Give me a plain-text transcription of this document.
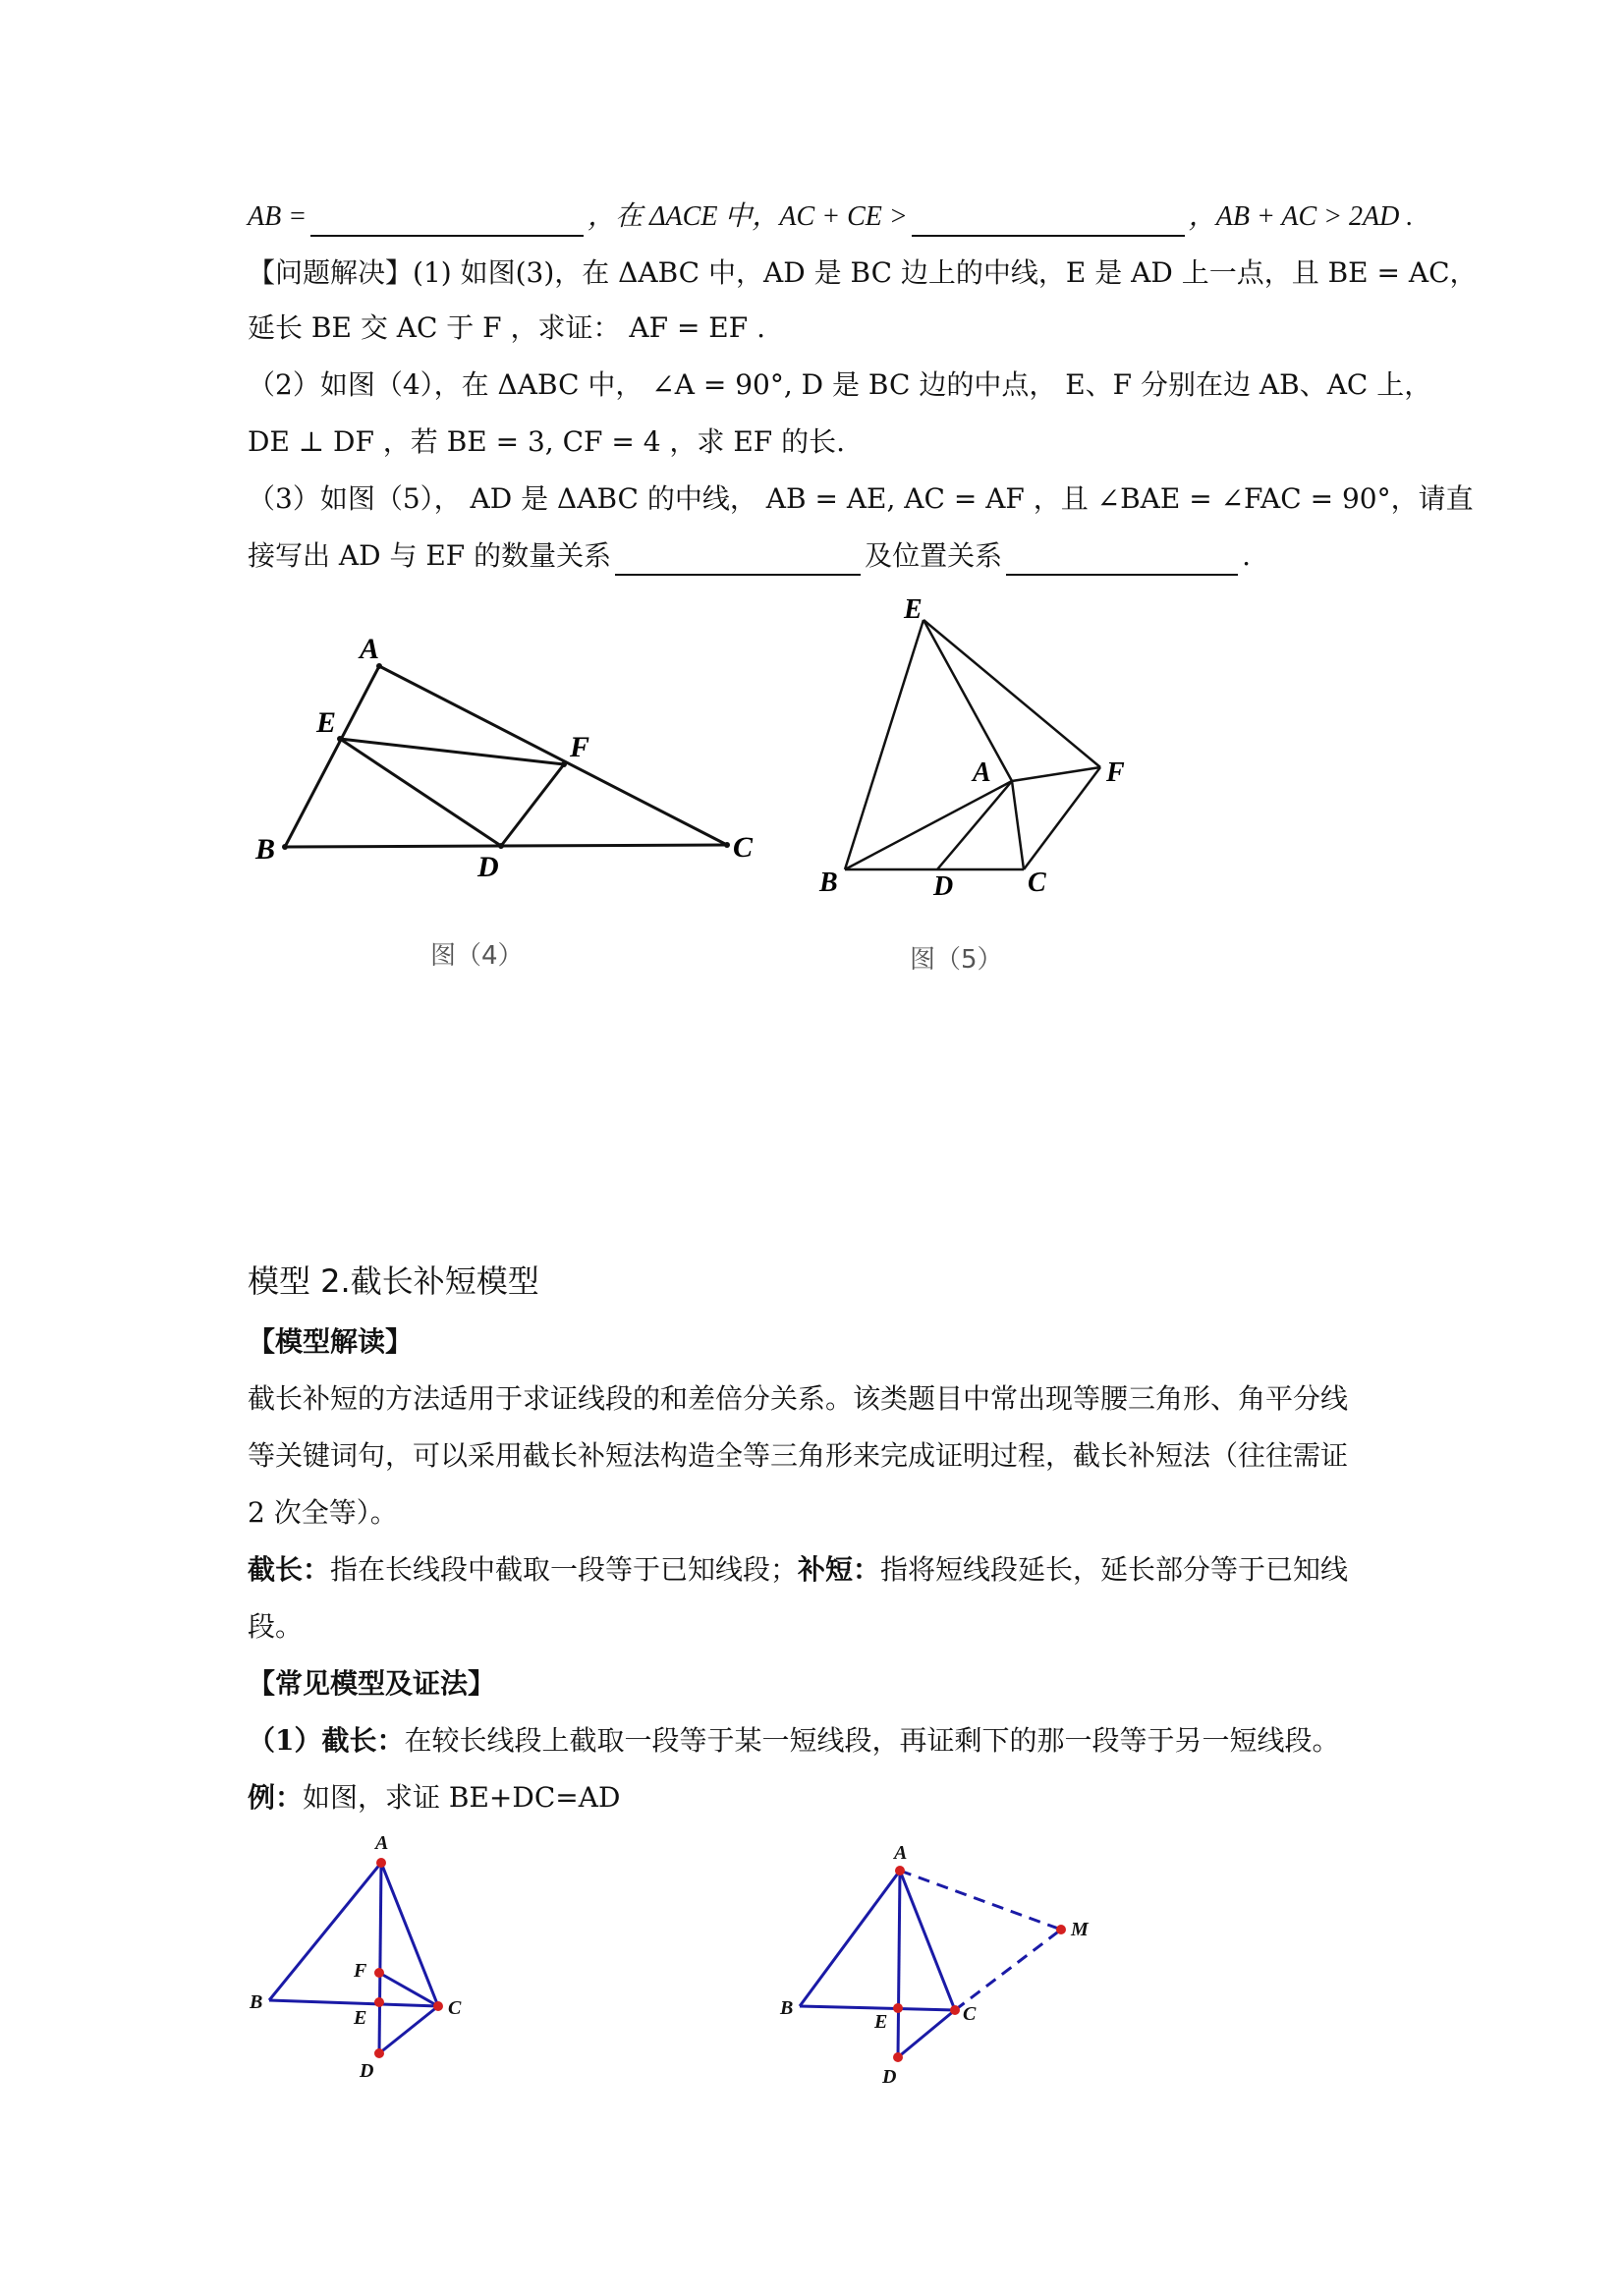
AB =	，在 ΔACE 中，AC + CE >	，AB + AC > 2AD .
【问题解决】(1) 如图(3)，在 ΔABC 中，AD 是 BC 边上的中线，E 是 AD 上一点，且 BE = AC，
延长 BE 交 AC 于 F ，求证： AF = EF .
（2）如图（4），在 ΔABC 中， ∠A = 90°, D 是 BC 边的中点， E、F 分别在边 AB、AC 上，
DE ⊥ DF ，若 BE = 3, CF = 4 ，求 EF 的长.
（3）如图（5）， AD 是 ΔABC 的中线， AB = AE, AC = AF ，且 ∠BAE = ∠FAC = 90°，请直
接写出 AD 与 EF 的数量关系	及位置关系	.
A
E
F
B
D
C
图（4）
E
A	F
B	D	C
图（5）
模型 2.截长补短模型
【模型解读】
截长补短的方法适用于求证线段的和差倍分关系。该类题目中常出现等腰三角形、角平分线
等关键词句，可以采用截长补短法构造全等三角形来完成证明过程，截长补短法（往往需证
2 次全等）。
截长：指在长线段中截取一段等于已知线段；补短：指将短线段延长，延长部分等于已知线
段。
【常见模型及证法】
（1）截长：在较长线段上截取一段等于某一短线段，再证剩下的那一段等于另一短线段。
例：如图，求证 BE+DC=AD
A
F
B
E	C
D
A
M
B
E	C
D
